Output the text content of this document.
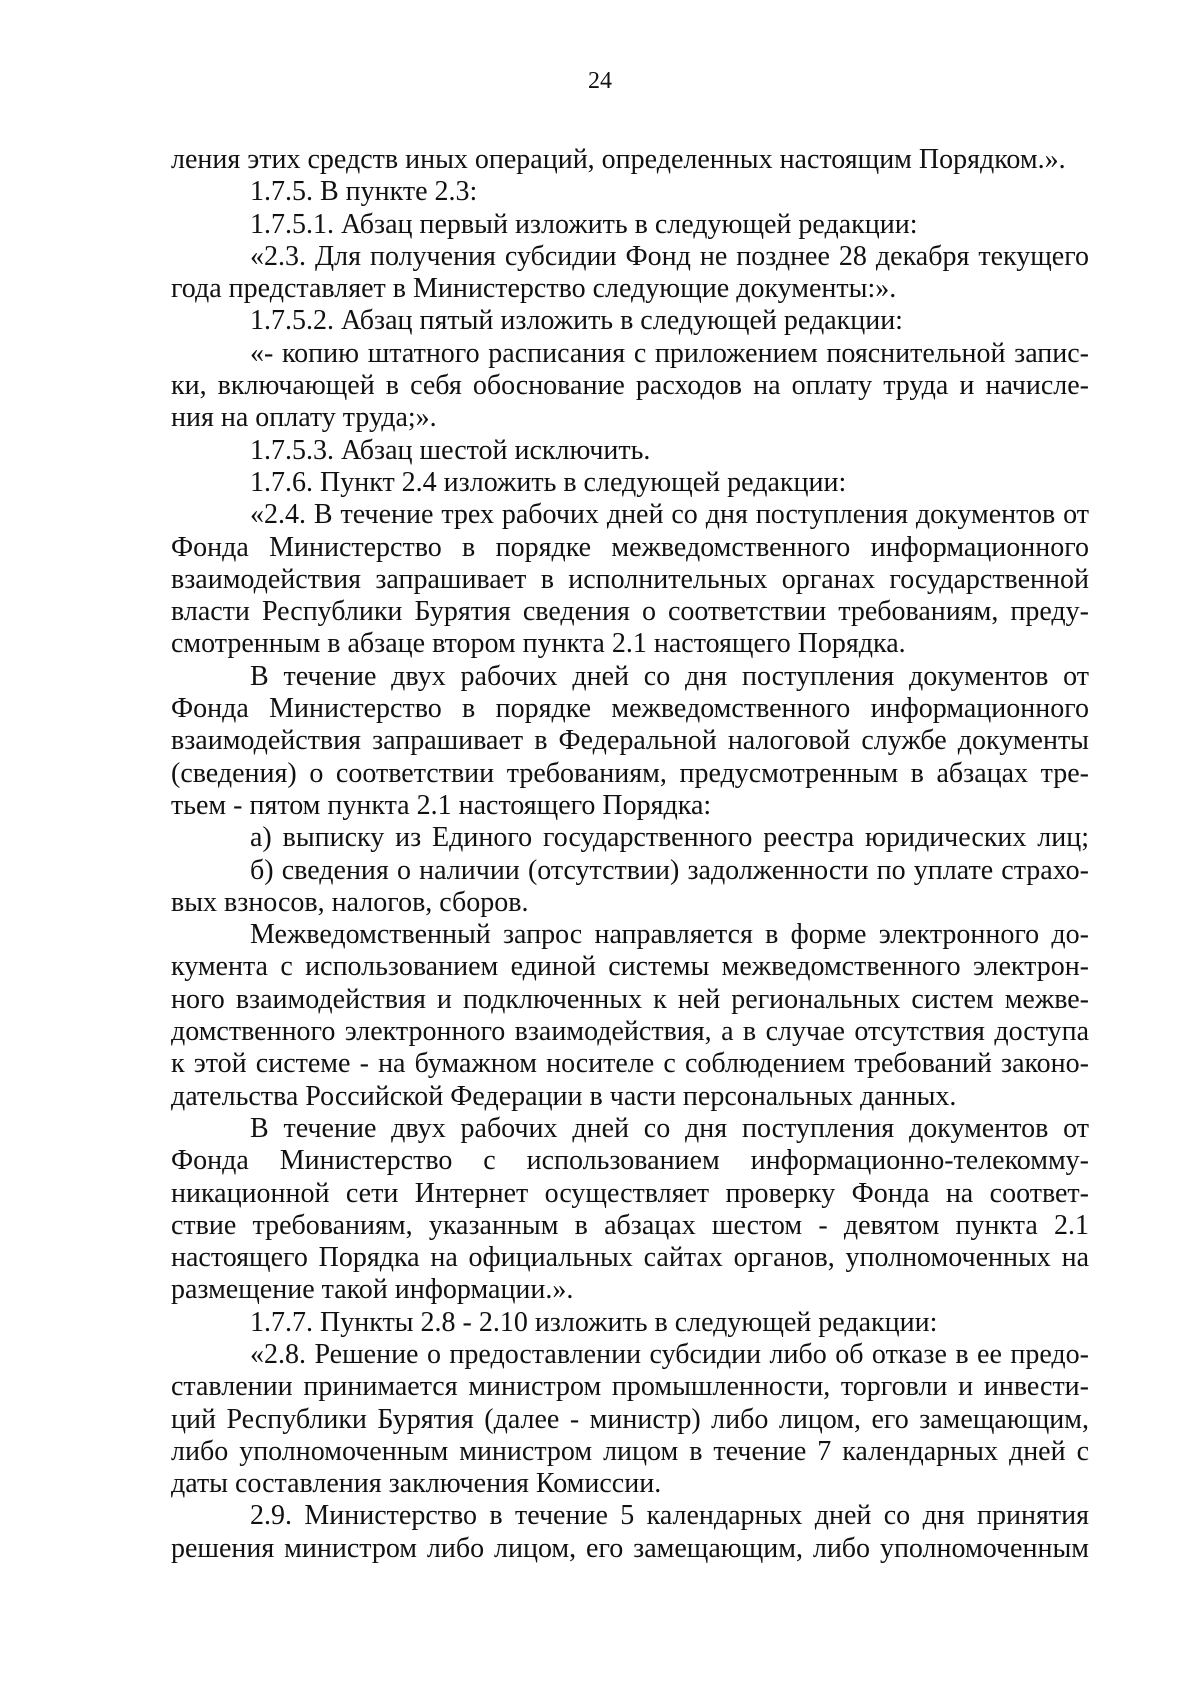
24
ления этих средств иных операций, определенных настоящим Порядком.».
1.7.5. В пункте 2.3:
1.7.5.1. Абзац первый изложить в следующей редакции:
«2.3. Для получения субсидии Фонд не позднее 28 декабря текущего
года представляет в Министерство следующие документы:».
1.7.5.2. Абзац пятый изложить в следующей редакции:
«- копию штатного расписания с приложением пояснительной запис-
ки, включающей в себя обоснование расходов на оплату труда и начисле-
ния на оплату труда;».
1.7.5.3. Абзац шестой исключить.
1.7.6. Пункт 2.4 изложить в следующей редакции:
«2.4. В течение трех рабочих дней со дня поступления документов от
Фонда Министерство в порядке межведомственного информационного
взаимодействия запрашивает в исполнительных органах государственной
власти Республики Бурятия сведения о соответствии требованиям, преду-
смотренным в абзаце втором пункта 2.1 настоящего Порядка.
В течение двух рабочих дней со дня поступления документов от
Фонда Министерство в порядке межведомственного информационного
взаимодействия запрашивает в Федеральной налоговой службе документы
(сведения) о соответствии требованиям, предусмотренным в абзацах тре-
тьем - пятом пункта 2.1 настоящего Порядка:
а) выписку из Единого государственного реестра юридических лиц;
б) сведения о наличии (отсутствии) задолженности по уплате страхо-
вых взносов, налогов, сборов.
Межведомственный запрос направляется в форме электронного до-
кумента с использованием единой системы межведомственного электрон-
ного взаимодействия и подключенных к ней региональных систем межве-
домственного электронного взаимодействия, а в случае отсутствия доступа
к этой системе - на бумажном носителе с соблюдением требований законо-
дательства Российской Федерации в части персональных данных.
В течение двух рабочих дней со дня поступления документов от
Фонда Министерство с использованием информационно-телекомму-
никационной сети Интернет осуществляет проверку Фонда на соответ-
ствие требованиям, указанным в абзацах шестом - девятом пункта 2.1
настоящего Порядка на официальных сайтах органов, уполномоченных на
размещение такой информации.».
1.7.7. Пункты 2.8 - 2.10 изложить в следующей редакции:
«2.8. Решение о предоставлении субсидии либо об отказе в ее предо-
ставлении принимается министром промышленности, торговли и инвести-
ций Республики Бурятия (далее - министр) либо лицом, его замещающим,
либо уполномоченным министром лицом в течение 7 календарных дней с
даты составления заключения Комиссии.
2.9. Министерство в течение 5 календарных дней со дня принятия
решения министром либо лицом, его замещающим, либо уполномоченным
